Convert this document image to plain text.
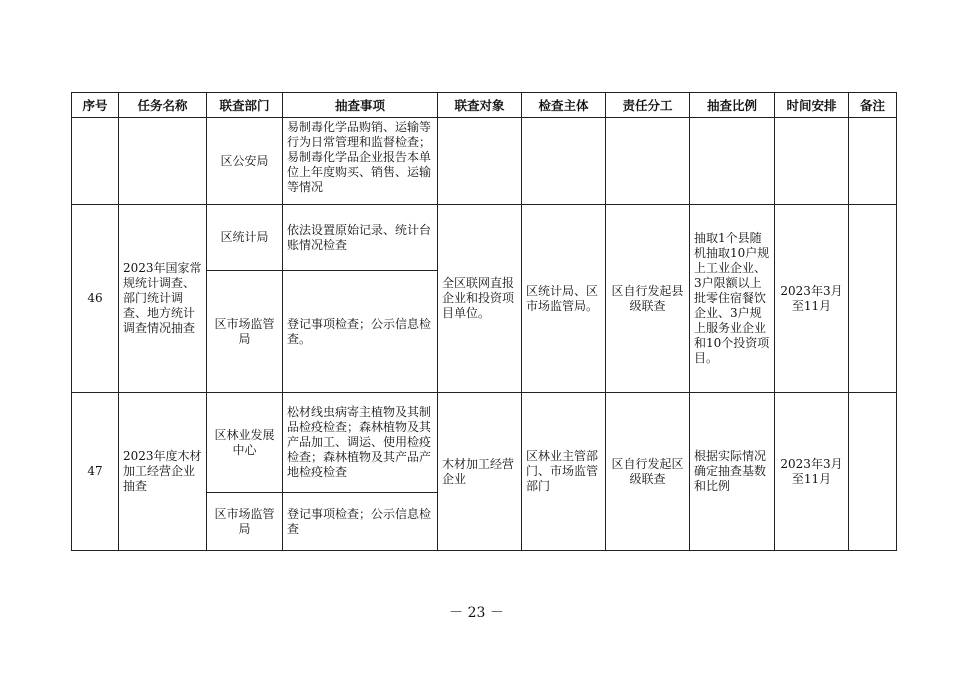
序号	任务名称	联查部门	抽查事项	联查对象	检查主体	责任分工	抽查比例	时间安排	备注
		区公安局	易制毒化学品购销、运输等行为日常管理和监督检查；易制毒化学品企业报告本单位上年度购买、销售、运输等情况						
46	2023年国家常规统计调查、部门统计调查、地方统计调查情况抽查	区统计局	依法设置原始记录、统计台账情况检查	全区联网直报企业和投资项目单位。	区统计局、区市场监管局。	区自行发起县级联查	抽取1个县随机抽取10户规上工业企业、3户限额以上批零住宿餐饮企业、3户规上服务业企业和10个投资项目。	2023年3月至11月	
		区市场监管局	登记事项检查；公示信息检查。						
47	2023年度木材加工经营企业抽查	区林业发展中心	松材线虫病寄主植物及其制品检疫检查；森林植物及其产品加工、调运、使用检疫检查；森林植物及其产品产地检疫检查	木材加工经营企业	区林业主管部门、市场监管部门	区自行发起区级联查	根据实际情况确定抽查基数和比例	2023年3月至11月	
		区市场监管局	登记事项检查；公示信息检查						
－ 23 －
